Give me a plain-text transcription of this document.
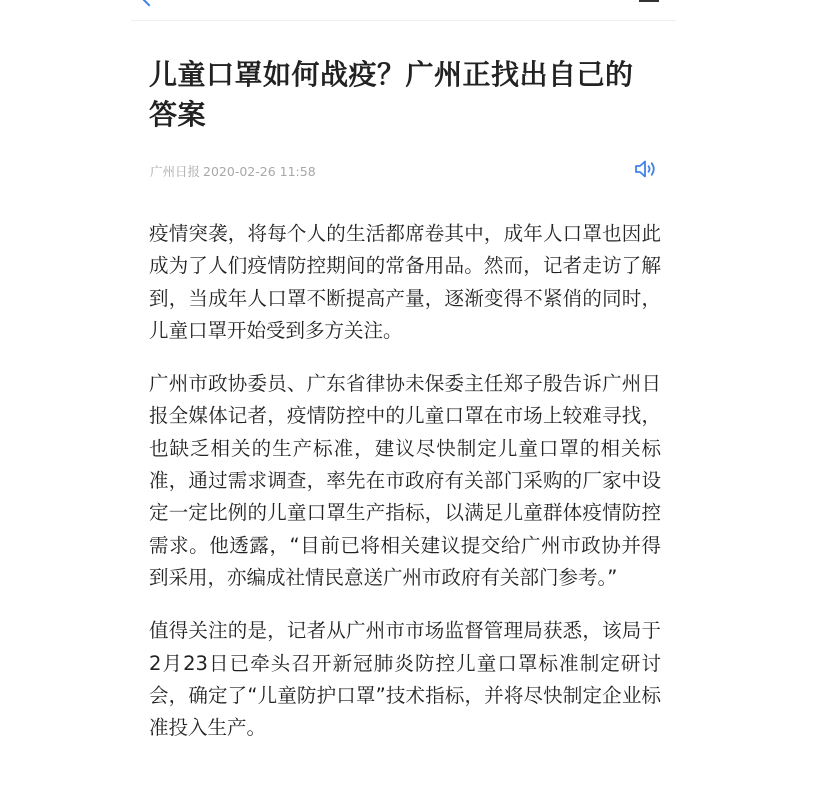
儿童口罩如何战疫？广州正找出自己的答案
广州日报 2020-02-26 11:58

疫情突袭，将每个人的生活都席卷其中，成年人口罩也因此成为了人们疫情防控期间的常备用品。然而，记者走访了解到，当成年人口罩不断提高产量，逐渐变得不紧俏的同时，儿童口罩开始受到多方关注。

广州市政协委员、广东省律协未保委主任郑子殷告诉广州日报全媒体记者，疫情防控中的儿童口罩在市场上较难寻找，也缺乏相关的生产标准，建议尽快制定儿童口罩的相关标准，通过需求调查，率先在市政府有关部门采购的厂家中设定一定比例的儿童口罩生产指标，以满足儿童群体疫情防控需求。他透露，“目前已将相关建议提交给广州市政协并得到采用，亦编成社情民意送广州市政府有关部门参考。”

值得关注的是，记者从广州市市场监督管理局获悉，该局于2月23日已牵头召开新冠肺炎防控儿童口罩标准制定研讨会，确定了“儿童防护口罩”技术指标，并将尽快制定企业标准投入生产。
